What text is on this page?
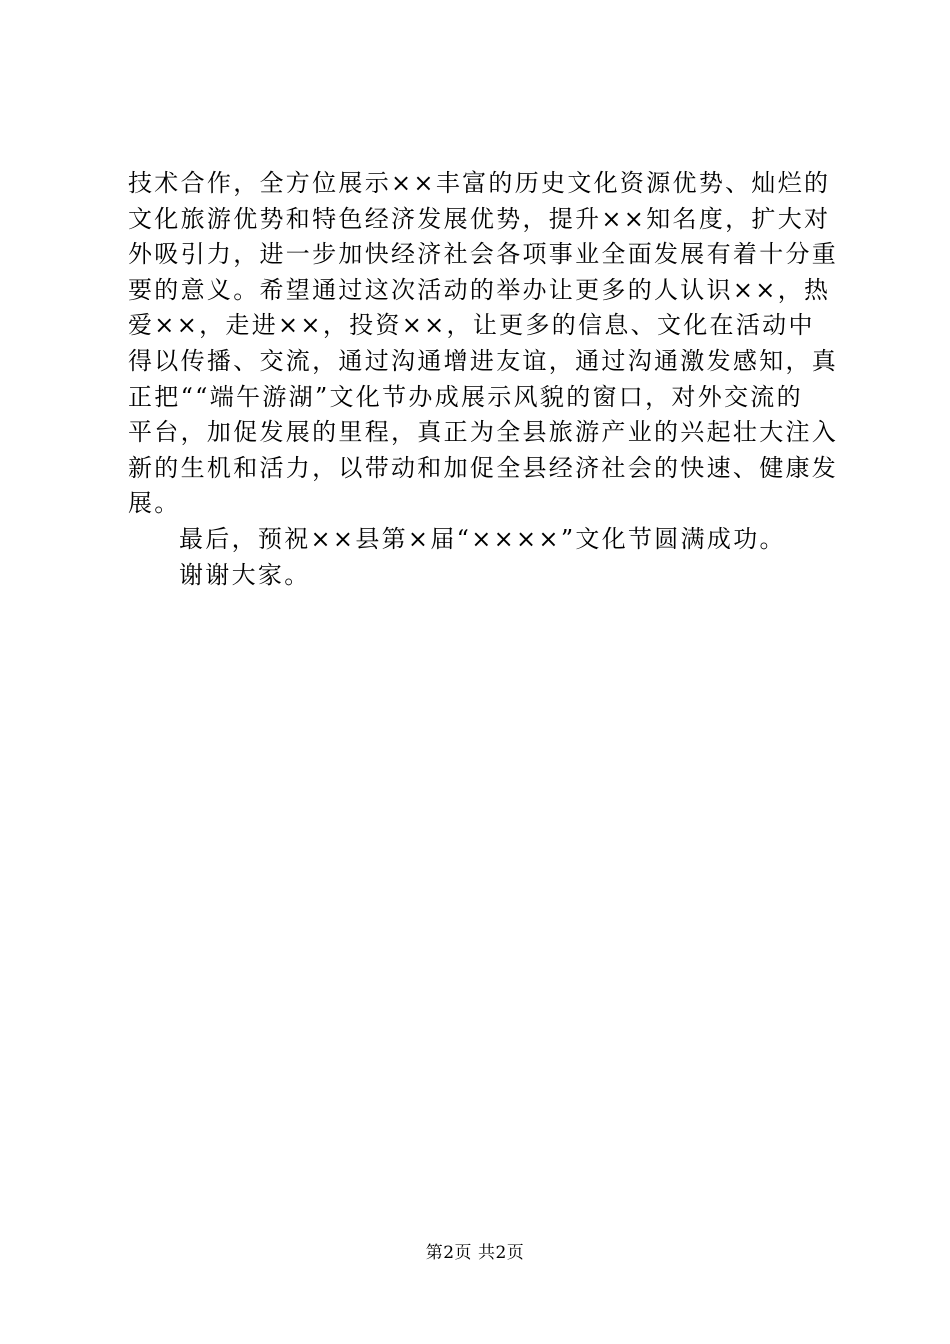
技术合作，全方位展示××丰富的历史文化资源优势、灿烂的
文化旅游优势和特色经济发展优势，提升××知名度，扩大对
外吸引力，进一步加快经济社会各项事业全面发展有着十分重
要的意义。希望通过这次活动的举办让更多的人认识××，热
爱××，走进××，投资××，让更多的信息、文化在活动中
得以传播、交流，通过沟通增进友谊，通过沟通激发感知，真
正把““端午游湖”文化节办成展示风貌的窗口，对外交流的
平台，加促发展的里程，真正为全县旅游产业的兴起壮大注入
新的生机和活力，以带动和加促全县经济社会的快速、健康发
展。
最后，预祝××县第×届“××××”文化节圆满成功。
谢谢大家。
第2页 共2页
